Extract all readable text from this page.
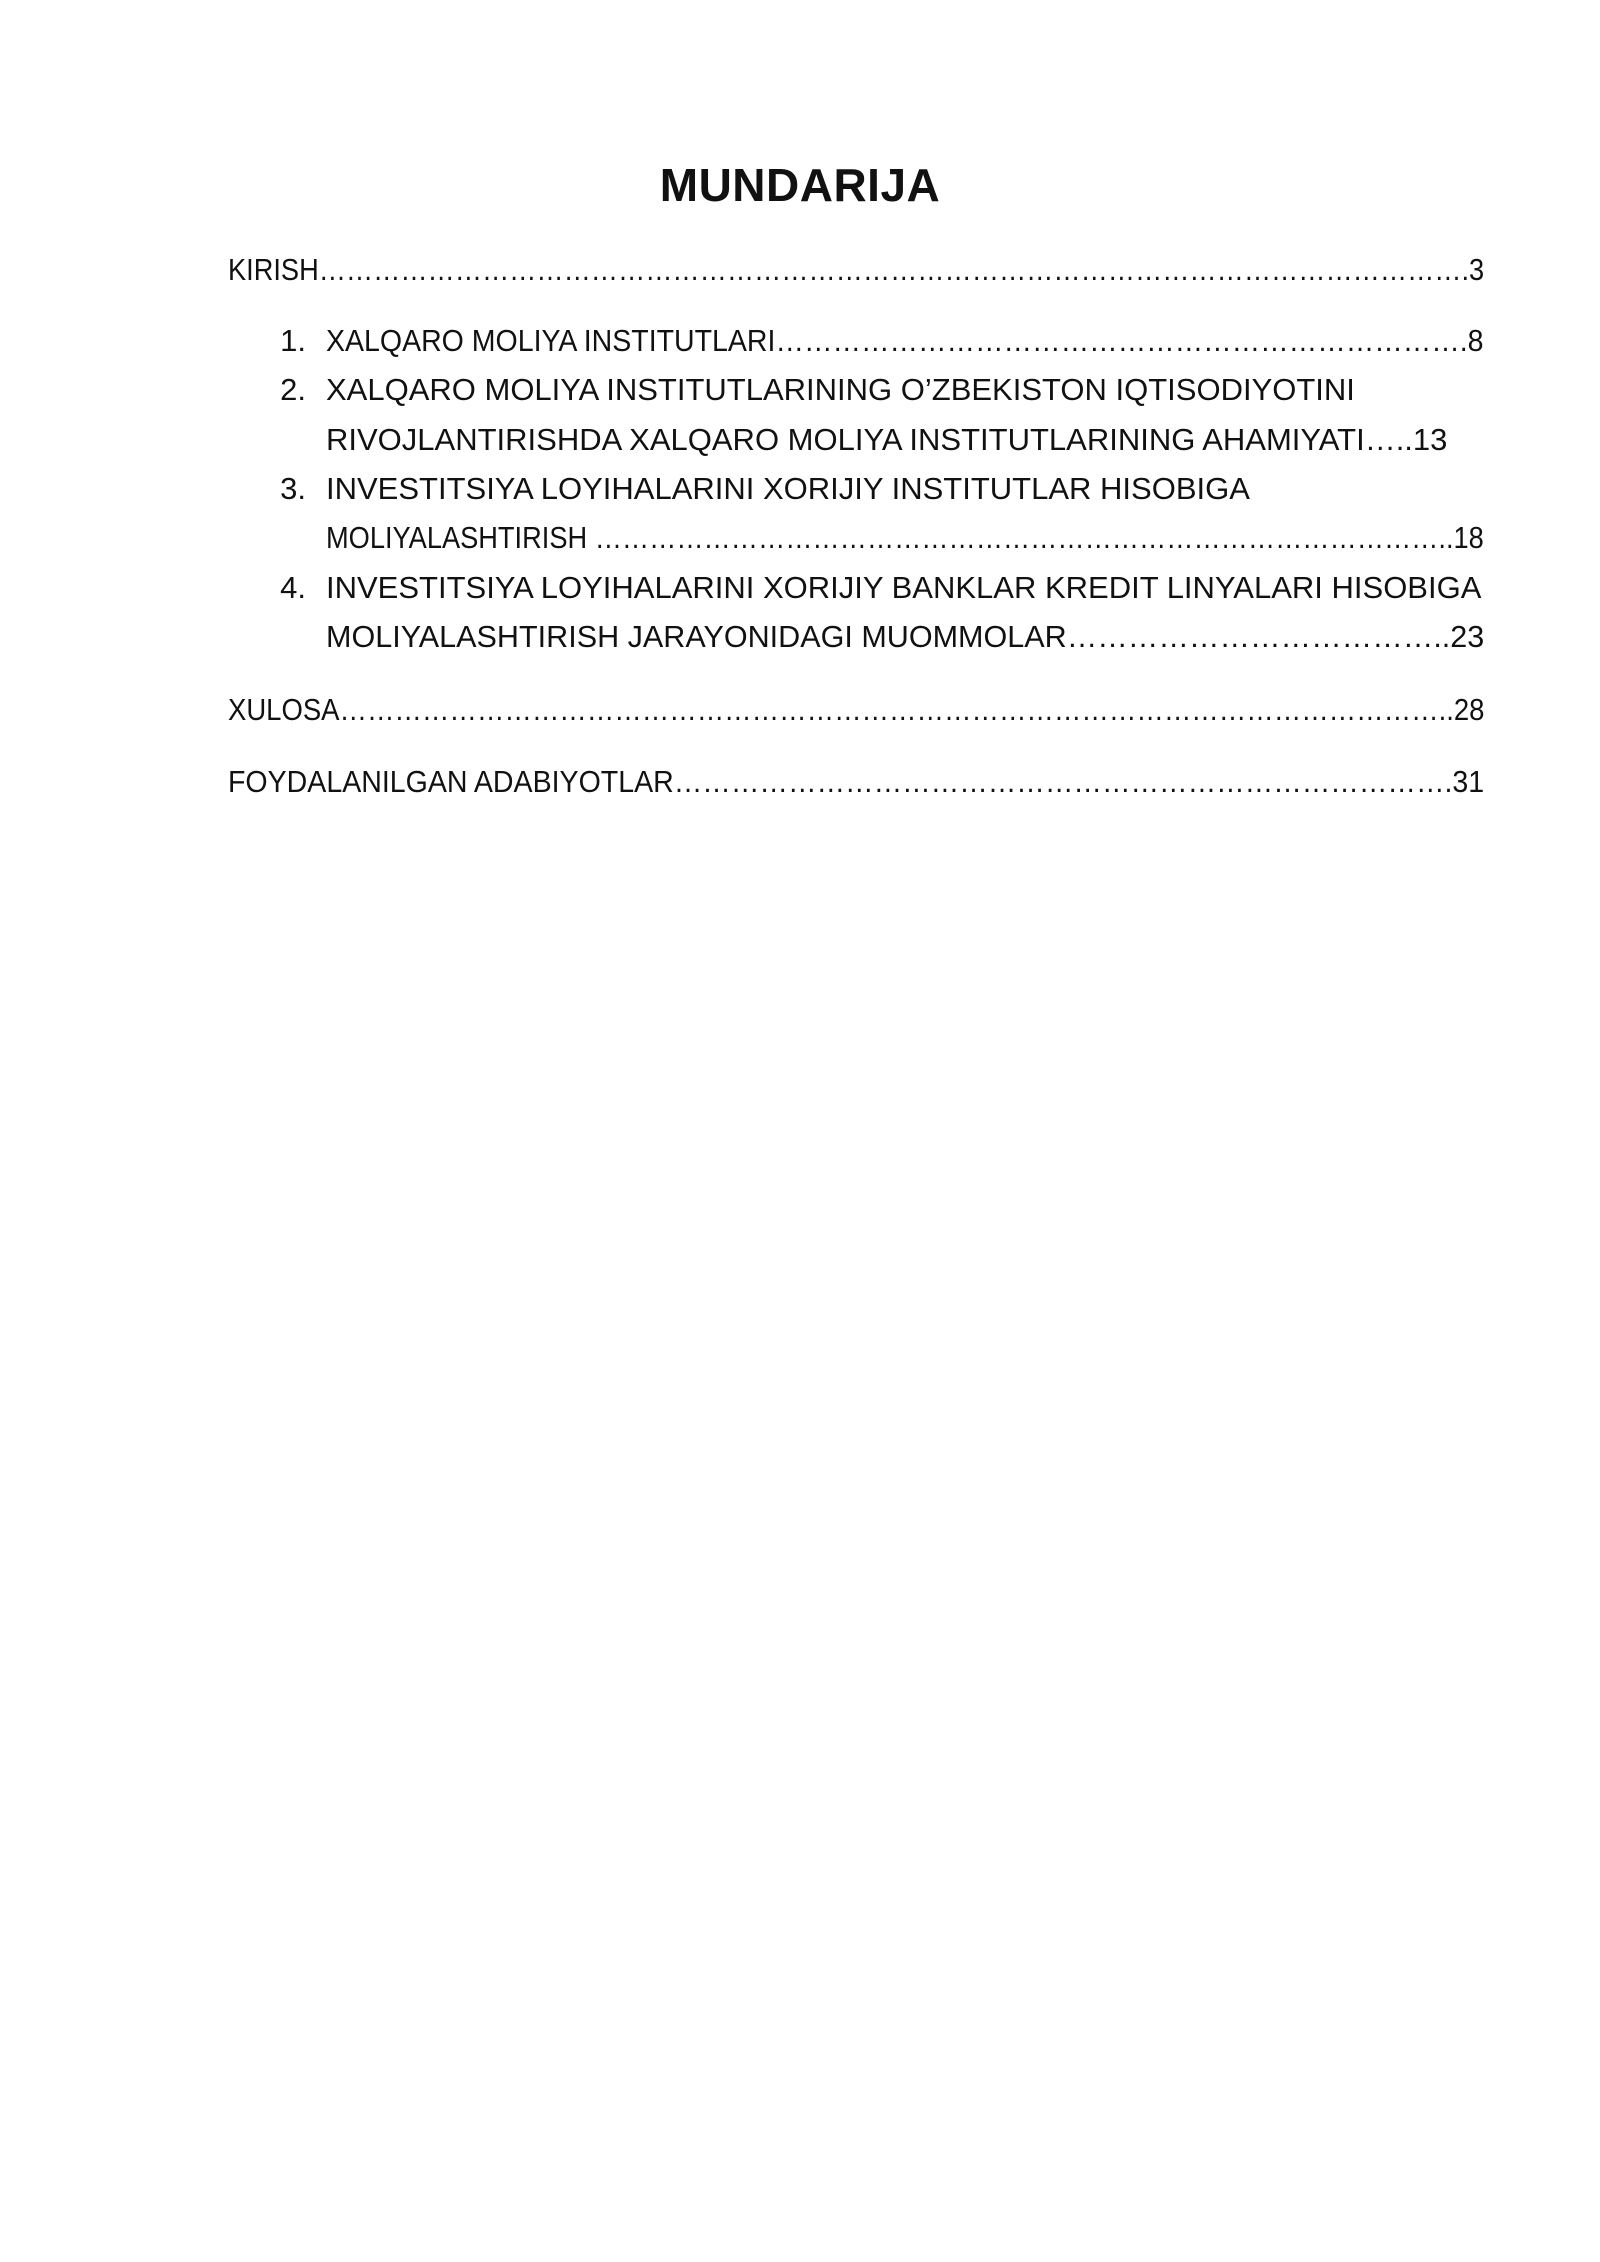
MUNDARIJA
KIRISH……………………………………………………………………………………………………………….3
1. XALQARO MOLIYA INSTITUTLARI……………………………………………………………….8
2. XALQARO MOLIYA INSTITUTLARINING O’ZBEKISTON IQTISODIYOTINI
RIVOJLANTIRISHDA XALQARO MOLIYA INSTITUTLARINING AHAMIYATI…..13
3. INVESTITSIYA LOYIHALARINI XORIJIY INSTITUTLAR HISOBIGA
MOLIYALASHTIRISH …………………………………………………………………………………..18
4. INVESTITSIYA LOYIHALARINI XORIJIY BANKLAR KREDIT LINYALARI HISOBIGA
MOLIYALASHTIRISH JARAYONIDAGI MUOMMOLAR………………………………..23
XULOSA…………………………………………………………………………………………………………..28
FOYDALANILGAN ADABIYOTLAR……………………………………………………………………….31
